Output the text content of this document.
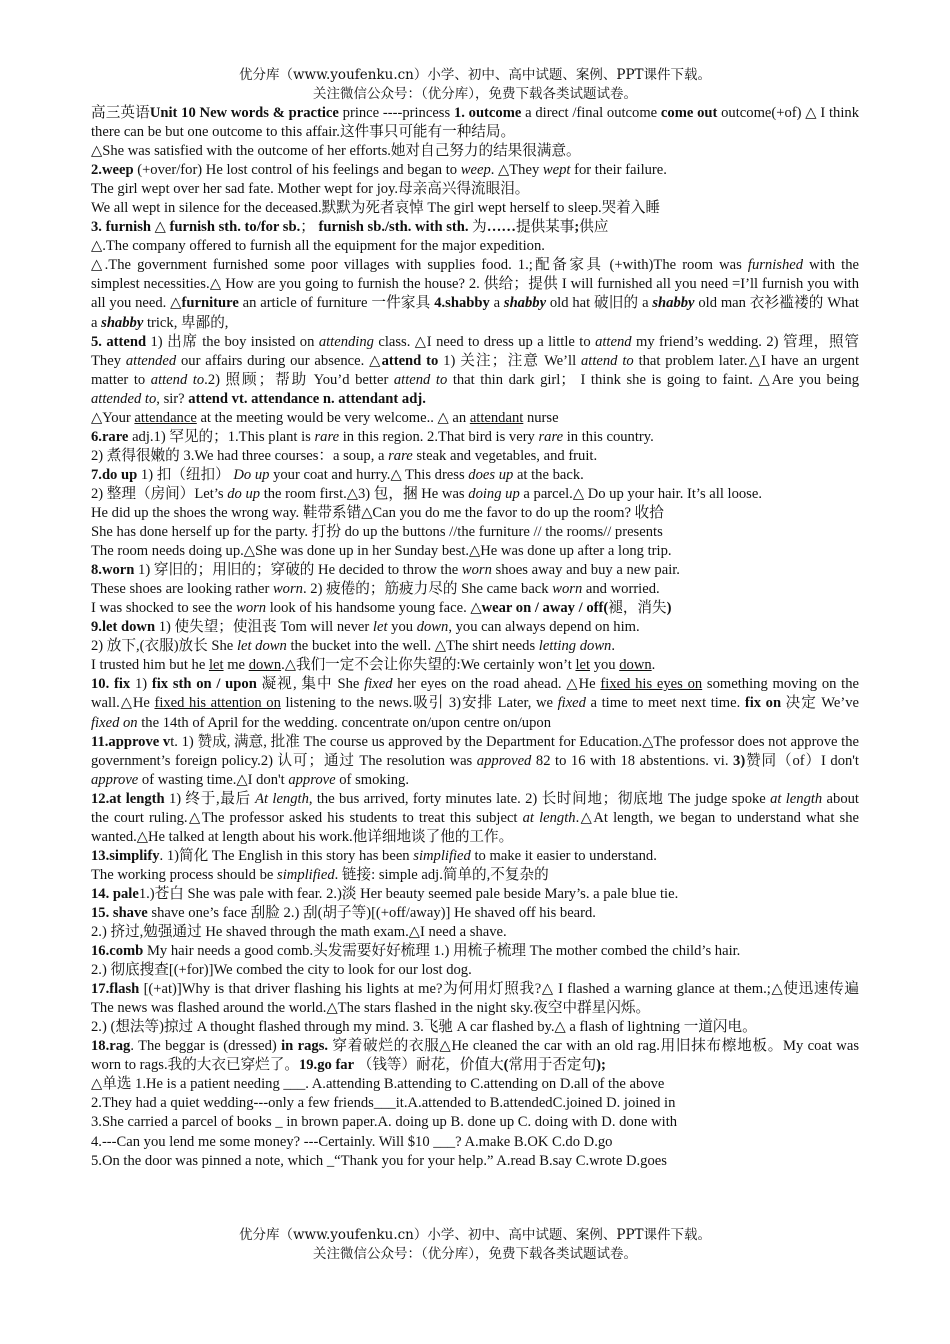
优分库（www.youfenku.cn）小学、初中、高中试题、案例、PPT课件下载。
关注微信公众号：（优分库），免费下载各类试题试卷。

高三英语Unit 10 New words & practice prince ----princess 1. outcome a direct /final outcome come out outcome(+of) △ I think there can be but one outcome to this affair.这件事只可能有一种结局。

△She was satisfied with the outcome of her efforts.她对自己努力的结果很满意。

2.weep (+over/for) He lost control of his feelings and began to weep. △They wept for their failure.

The girl wept over her sad fate. Mother wept for joy.母亲高兴得流眼泪。

We all wept in silence for the deceased.默默为死者哀悼 The girl wept herself to sleep.哭着入睡

3. furnish △ furnish sth. to/for sb.； furnish sb./sth. with sth. 为……提供某事;供应

△.The company offered to furnish all the equipment for the major expedition.

△.The government furnished some poor villages with supplies food. 1.;配备家具 (+with)The room was furnished with the simplest necessities.△ How are you going to furnish the house? 2. 供给；提供 I will furnished all you need =I’ll furnish you with all you need. △furniture an article of furniture 一件家具 4.shabby a shabby old hat 破旧的 a shabby old man 衣衫褴褛的 What a shabby trick, 卑鄙的,

5. attend 1) 出席 the boy insisted on attending class. △I need to dress up a little to attend my friend’s wedding. 2) 管理，照管 They attended our affairs during our absence. △attend to 1) 关注；注意 We’ll attend to that problem later.△I have an urgent matter to attend to.2) 照顾；帮助 You’d better attend to that thin dark girl； I think she is going to faint. △Are you being attended to, sir? attend vt. attendance n. attendant adj.

△Your attendance at the meeting would be very welcome.. △ an attendant nurse

6.rare adj.1) 罕见的；1.This plant is rare in this region. 2.That bird is very rare in this country.

2) 煮得很嫩的 3.We had three courses：a soup, a rare steak and vegetables, and fruit.

7.do up 1) 扣（纽扣） Do up your coat and hurry.△ This dress does up at the back.

2) 整理（房间）Let’s do up the room first.△3) 包，捆 He was doing up a parcel.△ Do up your hair. It’s all loose.

He did up the shoes the wrong way. 鞋带系错△Can you do me the favor to do up the room? 收拾

She has done herself up for the party. 打扮 do up the buttons //the furniture // the rooms// presents

The room needs doing up.△She was done up in her Sunday best.△He was done up after a long trip.

8.worn 1) 穿旧的；用旧的；穿破的 He decided to throw the worn shoes away and buy a new pair.

These shoes are looking rather worn. 2) 疲倦的；筋疲力尽的 She came back worn and worried.

I was shocked to see the worn look of his handsome young face. △wear on / away / off(褪，消失)

9.let down 1) 使失望；使沮丧 Tom will never let you down, you can always depend on him.

2) 放下,(衣服)放长 She let down the bucket into the well. △The shirt needs letting down.

I trusted him but he let me down.△我们一定不会让你失望的:We certainly won’t let you down.

10. fix 1) fix sth on / upon 凝视, 集中 She fixed her eyes on the road ahead. △He fixed his eyes on something moving on the wall.△He fixed his attention on listening to the news.吸引 3)安排 Later, we fixed a time to meet next time. fix on 决定 We’ve fixed on the 14th of April for the wedding. concentrate on/upon centre on/upon

11.approve vt. 1) 赞成, 满意, 批准 The course us approved by the Department for Education.△The professor does not approve the government’s foreign policy.2) 认可；通过 The resolution was approved 82 to 16 with 18 abstentions. vi. 3)赞同（of）I don't approve of wasting time.△I don't approve of smoking.

12.at length 1) 终于,最后 At length, the bus arrived, forty minutes late. 2) 长时间地；彻底地 The judge spoke at length about the court ruling.△The professor asked his students to treat this subject at length.△At length, we began to understand what she wanted.△He talked at length about his work.他详细地谈了他的工作。

13.simplify. 1)简化 The English in this story has been simplified to make it easier to understand.

The working process should be simplified. 链接: simple adj.简单的,不复杂的

14. pale1.)苍白 She was pale with fear. 2.)淡 Her beauty seemed pale beside Mary’s. a pale blue tie.

15. shave shave one’s face 刮脸 2.) 刮(胡子等)[(+off/away)] He shaved off his beard.

2.) 挤过,勉强通过 He shaved through the math exam.△I need a shave.

16.comb My hair needs a good comb.头发需要好好梳理 1.) 用梳子梳理 The mother combed the child’s hair.

2.) 彻底搜查[(+for)]We combed the city to look for our lost dog.

17.flash [(+at)]Why is that driver flashing his lights at me?为何用灯照我?△ I flashed a warning glance at them.;△使迅速传遍 The news was flashed around the world.△The stars flashed in the night sky.夜空中群星闪烁。

2.) (想法等)掠过 A thought flashed through my mind. 3.飞驰 A car flashed by.△ a flash of lightning 一道闪电。

18.rag. The beggar is (dressed) in rags. 穿着破烂的衣服△He cleaned the car with an old rag.用旧抹布檫地板。My coat was worn to rags.我的大衣已穿烂了。19.go far （钱等）耐花，价值大(常用于否定句);

△单选 1.He is a patient needing ___. A.attending B.attending to C.attending on D.all of the above

2.They had a quiet wedding---only a few friends___it.A.attended to B.attendedC.joined D. joined in

3.She carried a parcel of books _ in brown paper.A. doing up B. done up C. doing with D. done with

4.---Can you lend me some money? ---Certainly. Will $10 ___? A.make B.OK C.do D.go

5.On the door was pinned a note, which _“Thank you for your help.” A.read B.say C.wrote D.goes

优分库（www.youfenku.cn）小学、初中、高中试题、案例、PPT课件下载。
关注微信公众号：（优分库），免费下载各类试题试卷。
